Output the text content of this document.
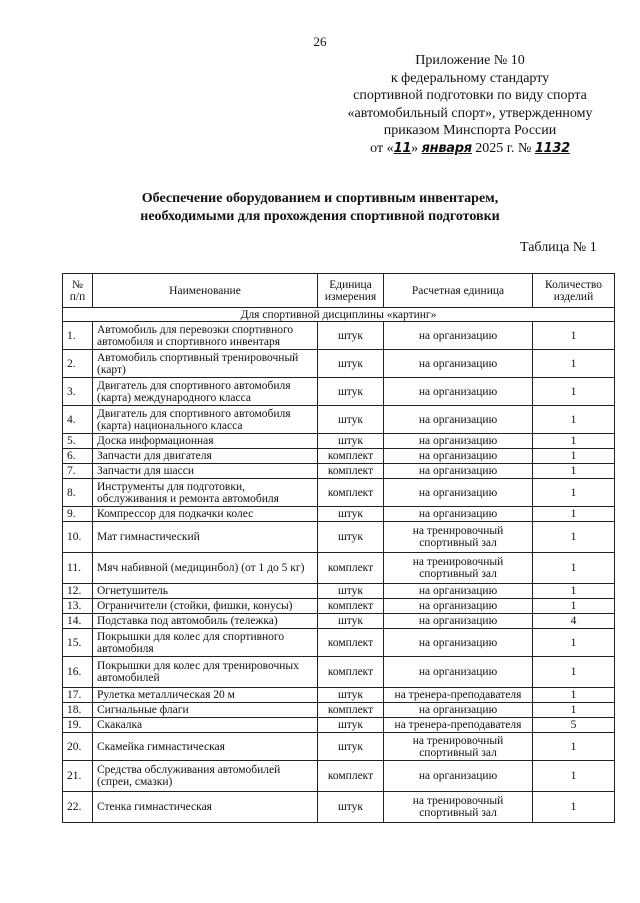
26
Приложение № 10
к федеральному стандарту
спортивной подготовки по виду спорта
«автомобильный спорт», утвержденному
приказом Минспорта России
от «11» января 2025 г. № 1132
Обеспечение оборудованием и спортивным инвентарем,
необходимыми для прохождения спортивной подготовки
Таблица № 1
№ п/п	Наименование	Единица измерения	Расчетная единица	Количество изделий
Для спортивной дисциплины «картинг»				
1.	Автомобиль для перевозки спортивного автомобиля и спортивного инвентаря	штук	на организацию	1
2.	Автомобиль спортивный тренировочный (карт)	штук	на организацию	1
3.	Двигатель для спортивного автомобиля (карта) международного класса	штук	на организацию	1
4.	Двигатель для спортивного автомобиля (карта) национального класса	штук	на организацию	1
5.	Доска информационная	штук	на организацию	1
6.	Запчасти для двигателя	комплект	на организацию	1
7.	Запчасти для шасси	комплект	на организацию	1
8.	Инструменты для подготовки, обслуживания и ремонта автомобиля	комплект	на организацию	1
9.	Компрессор для подкачки колес	штук	на организацию	1
10.	Мат гимнастический	штук	на тренировочный спортивный зал	1
11.	Мяч набивной (медицинбол) (от 1 до 5 кг)	комплект	на тренировочный спортивный зал	1
12.	Огнетушитель	штук	на организацию	1
13.	Ограничители (стойки, фишки, конусы)	комплект	на организацию	1
14.	Подставка под автомобиль (тележка)	штук	на организацию	4
15.	Покрышки для колес для спортивного автомобиля	комплект	на организацию	1
16.	Покрышки для колес для тренировочных автомобилей	комплект	на организацию	1
17.	Рулетка металлическая 20 м	штук	на тренера-преподавателя	1
18.	Сигнальные флаги	комплект	на организацию	1
19.	Скакалка	штук	на тренера-преподавателя	5
20.	Скамейка гимнастическая	штук	на тренировочный спортивный зал	1
21.	Средства обслуживания автомобилей (спреи, смазки)	комплект	на организацию	1
22.	Стенка гимнастическая	штук	на тренировочный спортивный зал	1
